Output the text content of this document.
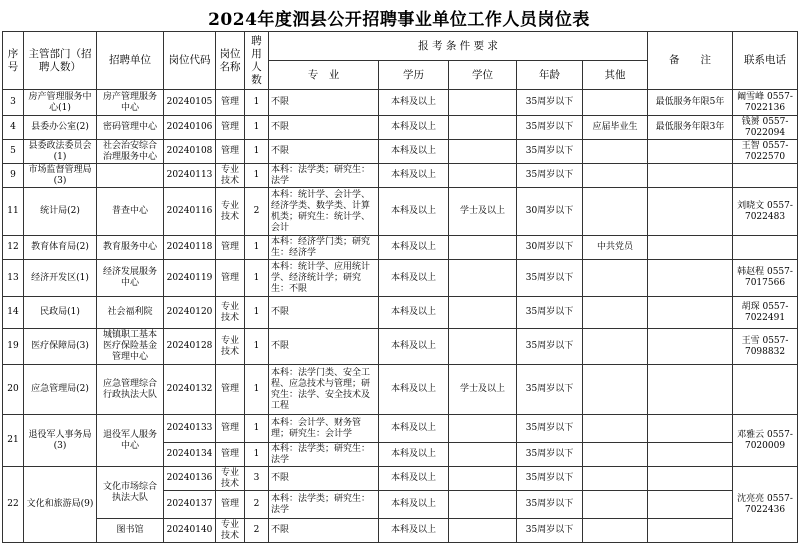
2024年度泗县公开招聘事业单位工作人员岗位表
序号	主管部门（招聘人数）	招聘单位	岗位代码	岗位名称	聘用人数	报 考 条 件 要 求					备　　注	联系电话
						专　业	学历	学位	年龄	其他		
3	房产管理服务中心(1)	房产管理服务中心	20240105	管理	1	不限	本科及以上		35周岁以下		最低服务年限5年	阚雪峰 0557-7022136
4	县委办公室(2)	密码管理中心	20240106	管理	1	不限	本科及以上		35周岁以下	应届毕业生	最低服务年限3年	钱赟 0557-7022094
5	县委政法委员会(1)	社会治安综合治理服务中心	20240108	管理	1	不限	本科及以上		35周岁以下			王智 0557-7022570
9	市场监督管理局(3)		20240113	专业技术	1	本科：法学类；研究生：法学	本科及以上		35周岁以下			
11	统计局(2)	普查中心	20240116	专业技术	2	本科：统计学、会计学、经济学类、数学类、计算机类；研究生：统计学、会计	本科及以上	学士及以上	30周岁以下			刘晓文 0557-7022483
12	教育体育局(2)	教育服务中心	20240118	管理	1	本科：经济学门类；研究生：经济学	本科及以上		30周岁以下	中共党员		
13	经济开发区(1)	经济发展服务中心	20240119	管理	1	本科：统计学、应用统计学、经济统计学；研究生：不限	本科及以上		35周岁以下			韩赵程 0557-7017566
14	民政局(1)	社会福利院	20240120	专业技术	1	不限	本科及以上		35周岁以下			胡琛 0557-7022491
19	医疗保障局(3)	城镇职工基本医疗保险基金管理中心	20240128	专业技术	1	不限	本科及以上		35周岁以下			王雪 0557-7098832
20	应急管理局(2)	应急管理综合行政执法大队	20240132	管理	1	本科：法学门类、安全工程、应急技术与管理；研究生：法学、安全技术及工程	本科及以上	学士及以上	35周岁以下			
21	退役军人事务局(3)	退役军人服务中心	20240133	管理	1	本科：会计学、财务管理；研究生：会计学	本科及以上		35周岁以下			邓雅云 0557-7020009
			20240134	管理	1	本科：法学类；研究生：法学	本科及以上		35周岁以下			
22	文化和旅游局(9)	文化市场综合执法大队	20240136	专业技术	3	不限	本科及以上		35周岁以下			沈亮亮 0557-7022436
			20240137	管理	2	本科：法学类；研究生：法学	本科及以上		35周岁以下			
		图书馆	20240140	专业技术	2	不限	本科及以上		35周岁以下			
